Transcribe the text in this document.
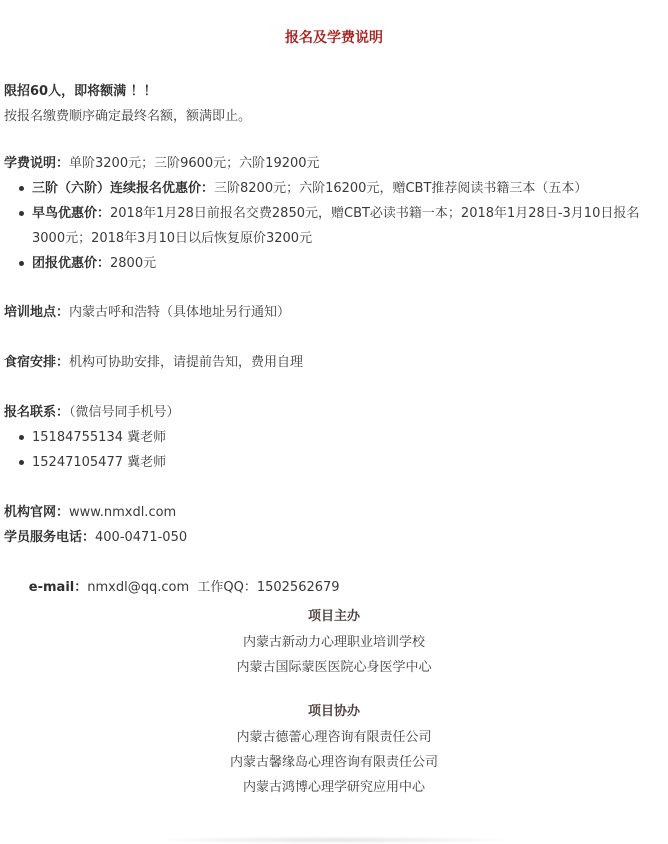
报名及学费说明
限招60人，即将额满 ！！
按报名缴费顺序确定最终名额，额满即止。
学费说明：单阶3200元；三阶9600元；六阶19200元
三阶（六阶）连续报名优惠价：三阶8200元；六阶16200元，赠CBT推荐阅读书籍三本（五本）
早鸟优惠价：2018年1月28日前报名交费2850元，赠CBT必读书籍一本；2018年1月28日-3月10日报名3000元；2018年3月10日以后恢复原价3200元
团报优惠价：2800元
培训地点：内蒙古呼和浩特（具体地址另行通知）
食宿安排：机构可协助安排，请提前告知，费用自理
报名联系：（微信号同手机号）
15184755134 冀老师
15247105477 冀老师
机构官网：www.nmxdl.com
学员服务电话：400-0471-050

e-mail：nmxdl@qq.com  工作QQ：1502562679

项目主办
内蒙古新动力心理职业培训学校
内蒙古国际蒙医医院心身医学中心
项目协办
内蒙古德蕾心理咨询有限责任公司
内蒙古馨缘岛心理咨询有限责任公司
内蒙古鸿博心理学研究应用中心
